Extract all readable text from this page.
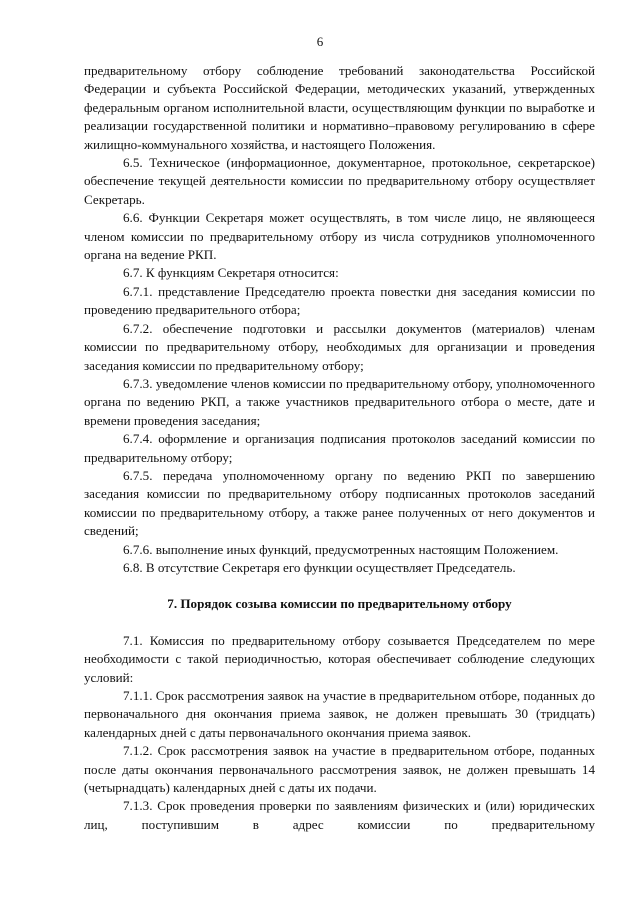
6

предварительному отбору соблюдение требований законодательства Российской Федерации и субъекта Российской Федерации, методических указаний, утвержденных федеральным органом исполнительной власти, осуществляющим функции по выработке и реализации государственной политики и нормативно–правовому регулированию в сфере жилищно-коммунального хозяйства, и настоящего Положения.

6.5. Техническое (информационное, документарное, протокольное, секретарское) обеспечение текущей деятельности комиссии по предварительному отбору осуществляет Секретарь.

6.6. Функции Секретаря может осуществлять, в том числе лицо, не являющееся членом комиссии по предварительному отбору из числа сотрудников уполномоченного органа на ведение РКП.

6.7. К функциям Секретаря относится:

6.7.1. представление Председателю проекта повестки дня заседания комиссии по проведению предварительного отбора;

6.7.2. обеспечение подготовки и рассылки документов (материалов) членам комиссии по предварительному отбору, необходимых для организации и проведения заседания комиссии по предварительному отбору;

6.7.3. уведомление членов комиссии по предварительному отбору, уполномоченного органа по ведению РКП, а также участников предварительного отбора о месте, дате и времени проведения заседания;

6.7.4. оформление и организация подписания протоколов заседаний комиссии по предварительному отбору;

6.7.5. передача уполномоченному органу по ведению РКП по завершению заседания комиссии по предварительному отбору подписанных протоколов заседаний комиссии по предварительному отбору, а также ранее полученных от него документов и сведений;

6.7.6. выполнение иных функций, предусмотренных настоящим Положением.

6.8. В отсутствие Секретаря его функции осуществляет Председатель.

7. Порядок созыва комиссии по предварительному отбору

7.1. Комиссия по предварительному отбору созывается Председателем по мере необходимости с такой периодичностью, которая обеспечивает соблюдение следующих условий:

7.1.1. Срок рассмотрения заявок на участие в предварительном отборе, поданных до первоначального дня окончания приема заявок, не должен превышать 30 (тридцать) календарных дней с даты первоначального окончания приема заявок.

7.1.2. Срок рассмотрения заявок на участие в предварительном отборе, поданных после даты окончания первоначального рассмотрения заявок, не должен превышать 14 (четырнадцать) календарных дней с даты их подачи.

7.1.3. Срок проведения проверки по заявлениям физических и (или) юридических лиц, поступившим в адрес комиссии по предварительному
